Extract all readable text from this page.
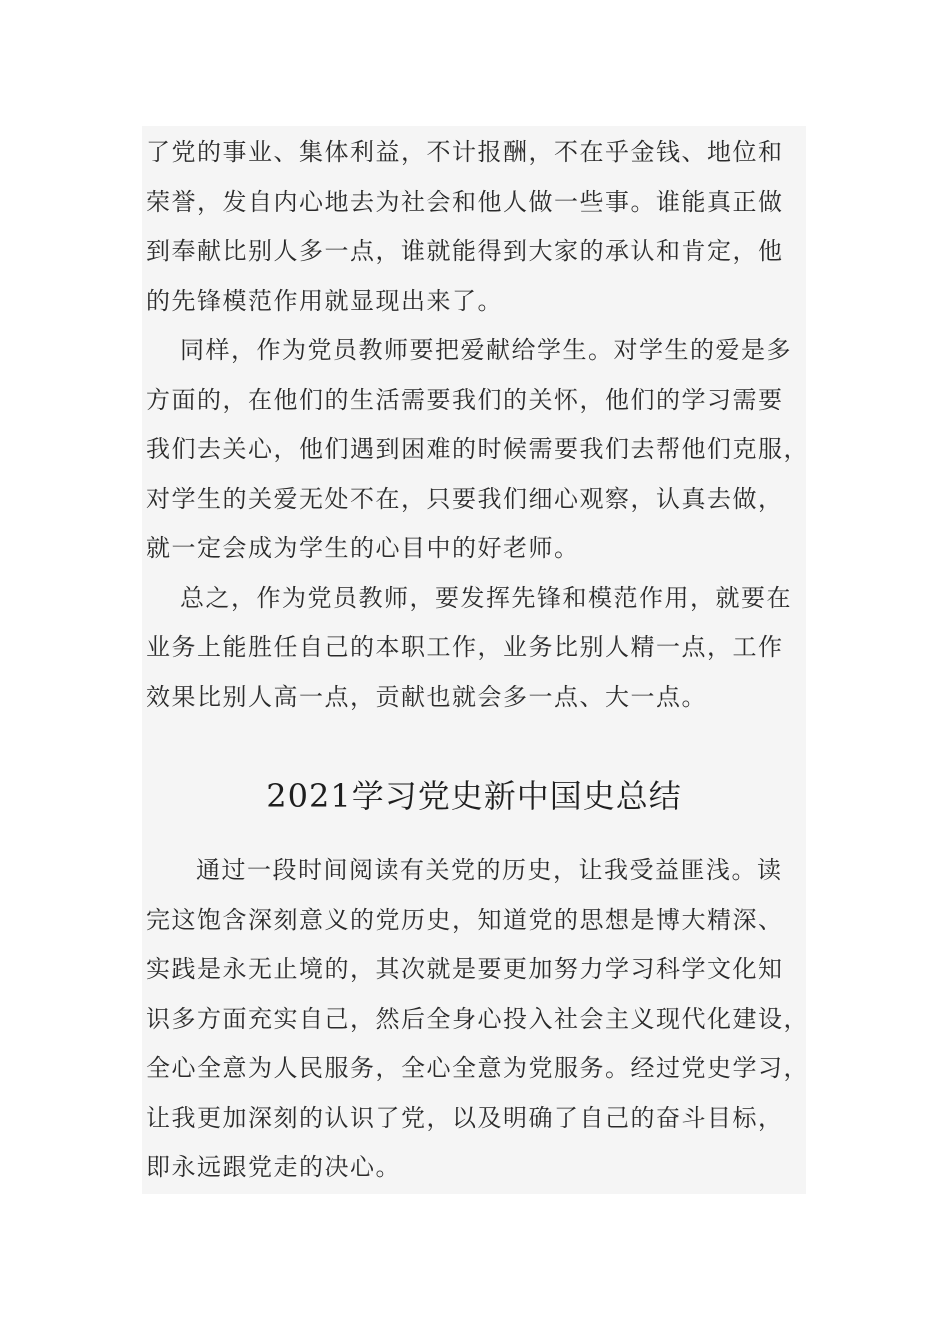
了党的事业、集体利益，不计报酬，不在乎金钱、地位和
荣誉，发自内心地去为社会和他人做一些事。谁能真正做
到奉献比别人多一点，谁就能得到大家的承认和肯定，他
的先锋模范作用就显现出来了。

同样，作为党员教师要把爱献给学生。对学生的爱是多
方面的，在他们的生活需要我们的关怀，他们的学习需要
我们去关心，他们遇到困难的时候需要我们去帮他们克服，
对学生的关爱无处不在，只要我们细心观察，认真去做，
就一定会成为学生的心目中的好老师。

总之，作为党员教师，要发挥先锋和模范作用，就要在
业务上能胜任自己的本职工作，业务比别人精一点，工作
效果比别人高一点，贡献也就会多一点、大一点。

2021学习党史新中国史总结

通过一段时间阅读有关党的历史，让我受益匪浅。读
完这饱含深刻意义的党历史，知道党的思想是博大精深、
实践是永无止境的，其次就是要更加努力学习科学文化知
识多方面充实自己，然后全身心投入社会主义现代化建设，
全心全意为人民服务，全心全意为党服务。经过党史学习，
让我更加深刻的认识了党，以及明确了自己的奋斗目标，
即永远跟党走的决心。
